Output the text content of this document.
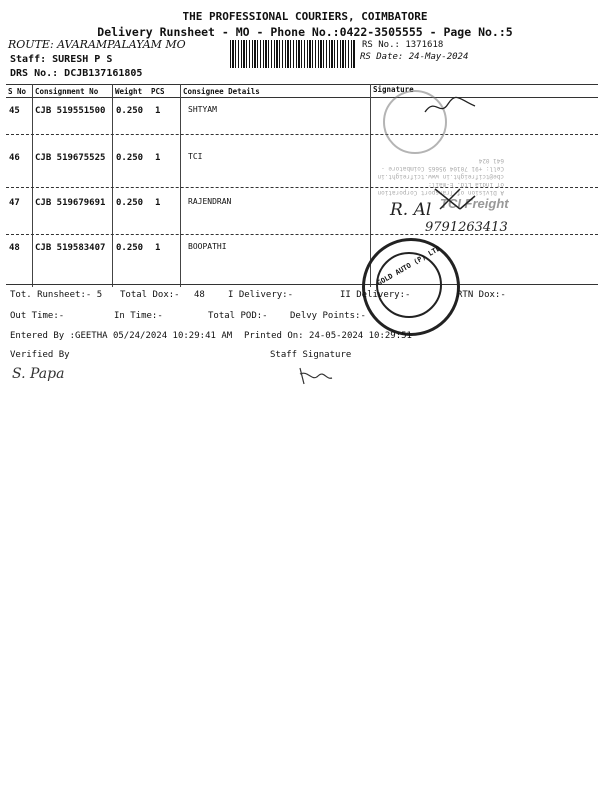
THE PROFESSIONAL COURIERS, COIMBATORE
Delivery Runsheet - MO - Phone No.:0422-3505555 - Page No.:5
ROUTE: AVARAMPALAYAM MO
Staff: SURESH P S
DRS No.: DCJB137161805
RS No.: 1371618
RS Date: 24-May-2024
S No Consignment No Weight PCS Consignee Details	Signature
45 CJB 519551500 0.250 1	SHTYAM
46 CJB 519675525 0.250 1	TCI
47 CJB 519679691 0.250 1	RAJENDRAN
48 CJB 519583407 0.250 1	BOOPATHI
A Division of Transport Corporation of India Ltd. E-mail: cbe@tcifreight.in www.tcifreight.in Cell: +91 70104 95665 Coimbatore - 641 024
TCI Freight
R. Al
9791263413
GOLD AUTO (P) LTD
Tot. Runsheet:- 5 Total Dox:- 48	I Delivery:-	II Delivery:-	RTN Dox:-
Out Time:-	In Time:-	Total POD:- Delvy Points:-
Entered By :GEETHA 05/24/2024 10:29:41 AM Printed On: 24-05-2024 10:29:51
Verified By	Staff Signature
S. Papa
